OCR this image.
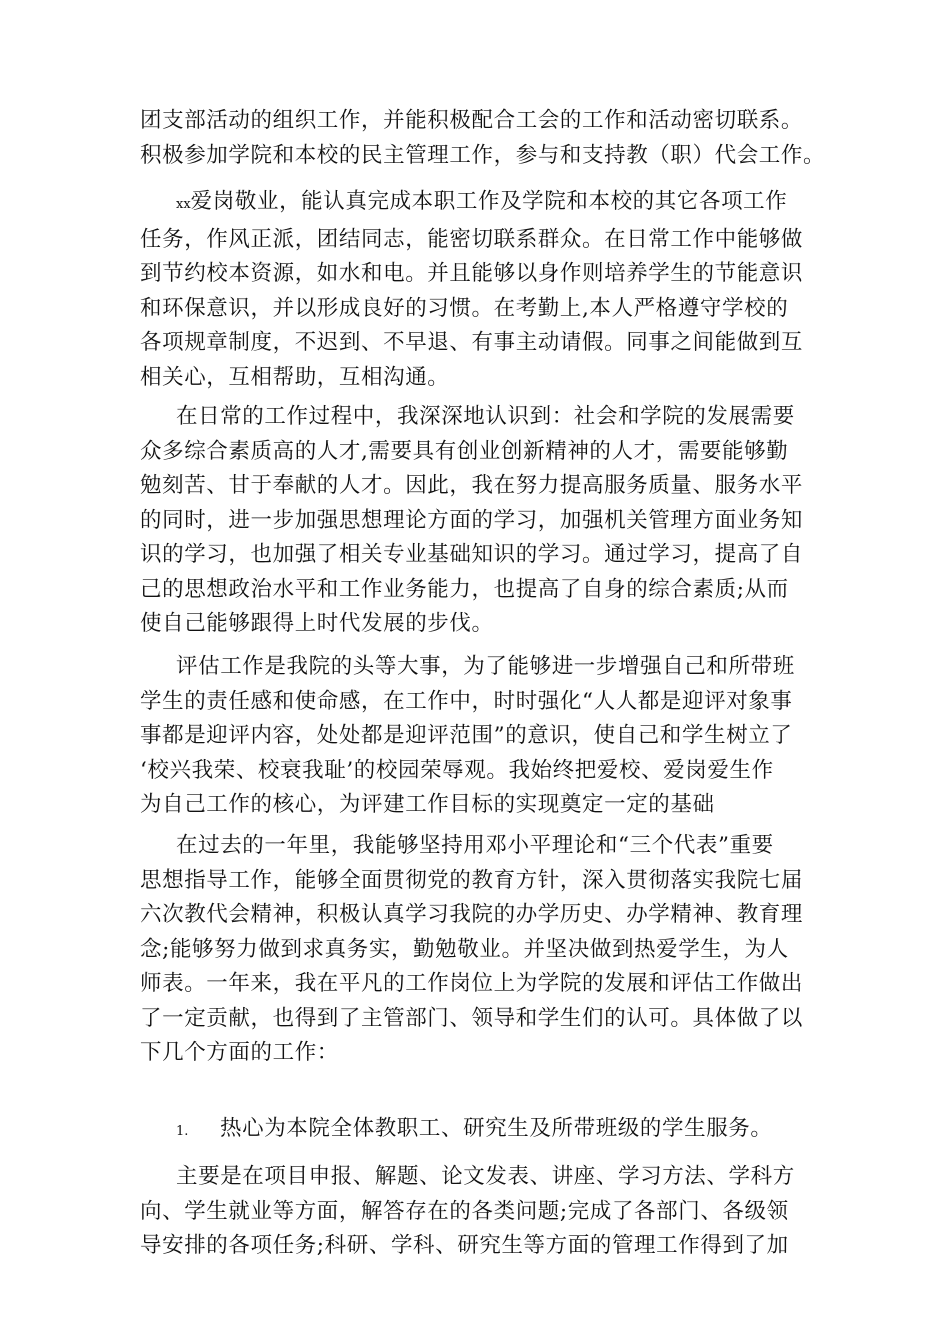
团支部活动的组织工作，并能积极配合工会的工作和活动密切联系。
积极参加学院和本校的民主管理工作，参与和支持教（职）代会工作。
xx爱岗敬业，能认真完成本职工作及学院和本校的其它各项工作
任务，作风正派，团结同志，能密切联系群众。在日常工作中能够做
到节约校本资源，如水和电。并且能够以身作则培养学生的节能意识
和环保意识，并以形成良好的习惯。在考勤上,本人严格遵守学校的
各项规章制度，不迟到、不早退、有事主动请假。同事之间能做到互
相关心，互相帮助，互相沟通。
在日常的工作过程中，我深深地认识到：社会和学院的发展需要
众多综合素质高的人才,需要具有创业创新精神的人才，需要能够勤
勉刻苦、甘于奉献的人才。因此，我在努力提高服务质量、服务水平
的同时，进一步加强思想理论方面的学习，加强机关管理方面业务知
识的学习，也加强了相关专业基础知识的学习。通过学习，提高了自
己的思想政治水平和工作业务能力，也提高了自身的综合素质;从而
使自己能够跟得上时代发展的步伐。
评估工作是我院的头等大事，为了能够进一步增强自己和所带班
学生的责任感和使命感，在工作中，时时强化“人人都是迎评对象事
事都是迎评内容，处处都是迎评范围”的意识，使自己和学生树立了
‘校兴我荣、校衰我耻’的校园荣辱观。我始终把爱校、爱岗爱生作
为自己工作的核心，为评建工作目标的实现奠定一定的基础
在过去的一年里，我能够坚持用邓小平理论和“三个代表”重要
思想指导工作，能够全面贯彻党的教育方针，深入贯彻落实我院七届
六次教代会精神，积极认真学习我院的办学历史、办学精神、教育理
念;能够努力做到求真务实，勤勉敬业。并坚决做到热爱学生，为人
师表。一年来，我在平凡的工作岗位上为学院的发展和评估工作做出
了一定贡献，也得到了主管部门、领导和学生们的认可。具体做了以
下几个方面的工作：
1. 热心为本院全体教职工、研究生及所带班级的学生服务。
主要是在项目申报、解题、论文发表、讲座、学习方法、学科方
向、学生就业等方面，解答存在的各类问题;完成了各部门、各级领
导安排的各项任务;科研、学科、研究生等方面的管理工作得到了加
